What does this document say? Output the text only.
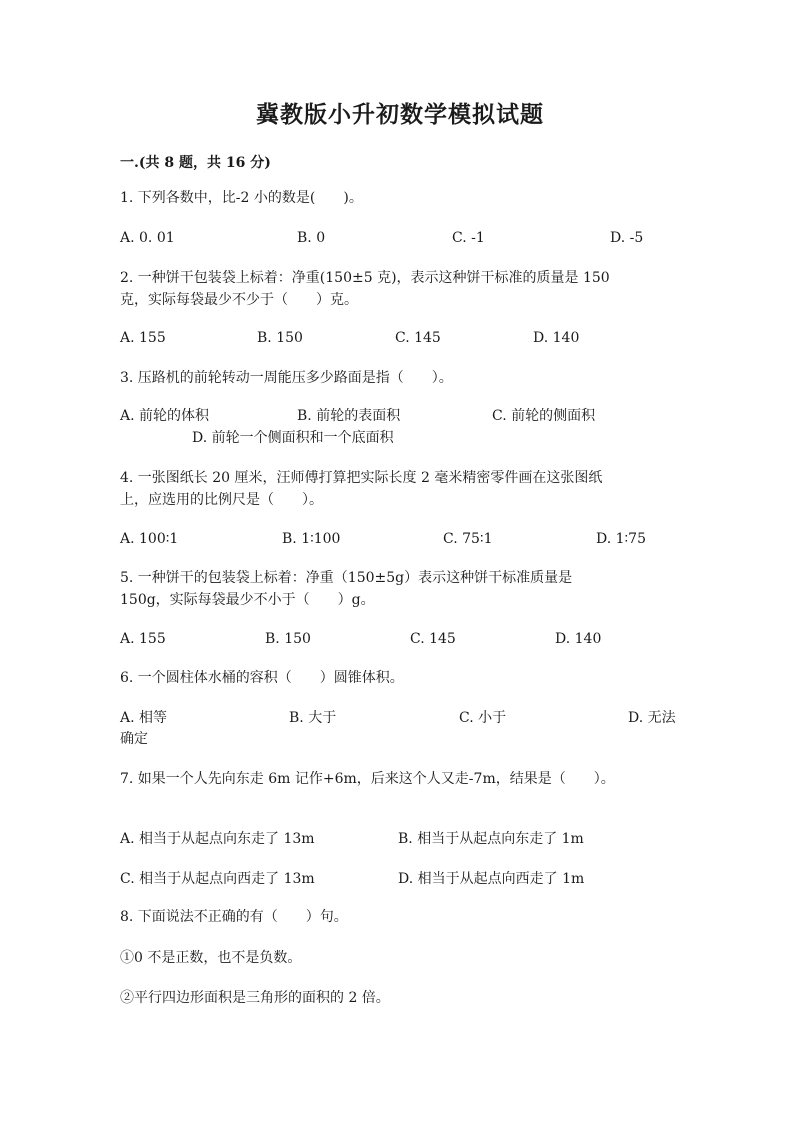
冀教版小升初数学模拟试题
一.(共 8 题，共 16 分)
1. 下列各数中，比-2 小的数是(　　)。
A. 0. 01	B. 0	C. -1	D. -5
2. 一种饼干包装袋上标着：净重(150±5 克)，表示这种饼干标准的质量是 150
克，实际每袋最少不少于（　　）克。
A. 155	B. 150	C. 145	D. 140
3. 压路机的前轮转动一周能压多少路面是指（　　）。
A. 前轮的体积	B. 前轮的表面积	C. 前轮的侧面积
D. 前轮一个侧面积和一个底面积
4. 一张图纸长 20 厘米，汪师傅打算把实际长度 2 毫米精密零件画在这张图纸
上，应选用的比例尺是（　　）。
A. 100∶1	B. 1∶100	C. 75∶1	D. 1∶75
5. 一种饼干的包装袋上标着：净重（150±5g）表示这种饼干标准质量是
150g，实际每袋最少不小于（　　）g。
A. 155	B. 150	C. 145	D. 140
6. 一个圆柱体水桶的容积（　　）圆锥体积。
A. 相等	B. 大于	C. 小于	D. 无法
确定
7. 如果一个人先向东走 6m 记作+6m，后来这个人又走-7m，结果是（　　）。
A. 相当于从起点向东走了 13m	B. 相当于从起点向东走了 1m
C. 相当于从起点向西走了 13m	D. 相当于从起点向西走了 1m
8. 下面说法不正确的有（　　）句。
①0 不是正数，也不是负数。
②平行四边形面积是三角形的面积的 2 倍。
